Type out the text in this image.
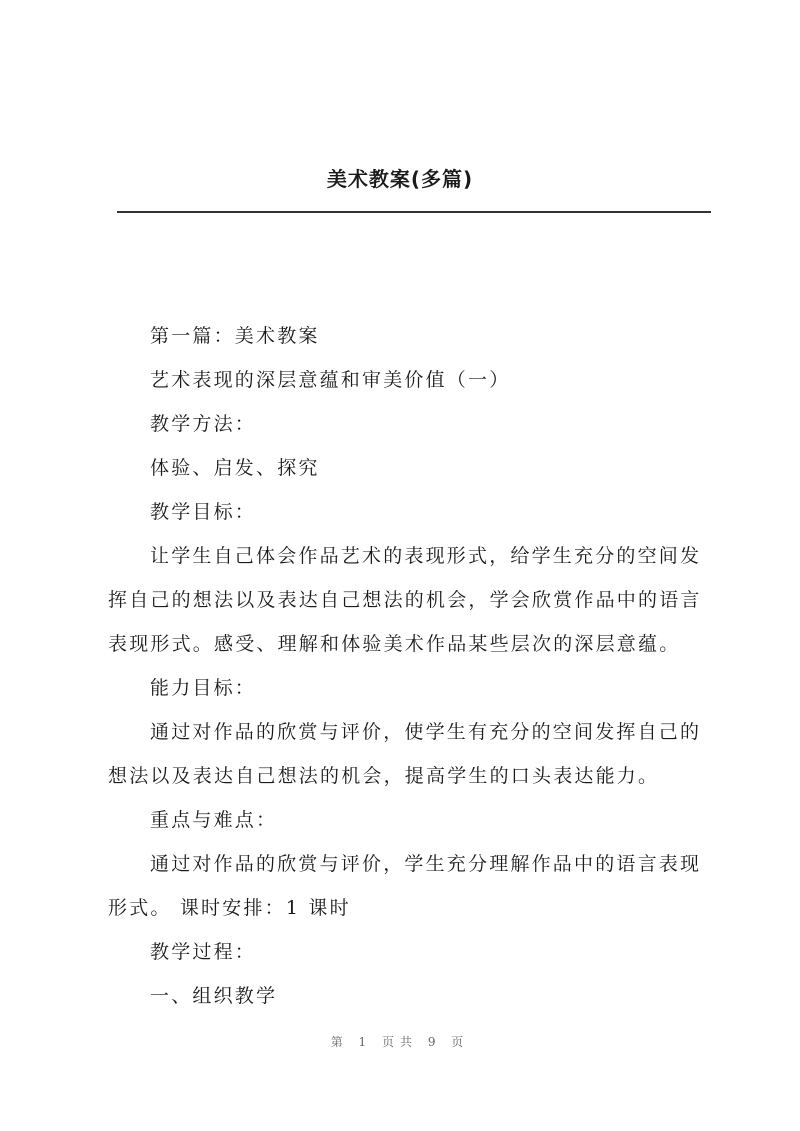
美术教案(多篇)

第一篇：美术教案

艺术表现的深层意蕴和审美价值（一）

教学方法：

体验、启发、探究

教学目标：

让学生自己体会作品艺术的表现形式，给学生充分的空间发

挥自己的想法以及表达自己想法的机会，学会欣赏作品中的语言

表现形式。感受、理解和体验美术作品某些层次的深层意蕴。

能力目标：

通过对作品的欣赏与评价，使学生有充分的空间发挥自己的

想法以及表达自己想法的机会，提高学生的口头表达能力。

重点与难点：

通过对作品的欣赏与评价，学生充分理解作品中的语言表现

形式。 课时安排：1 课时

教学过程：

一、组织教学

第 1 页共 9 页
